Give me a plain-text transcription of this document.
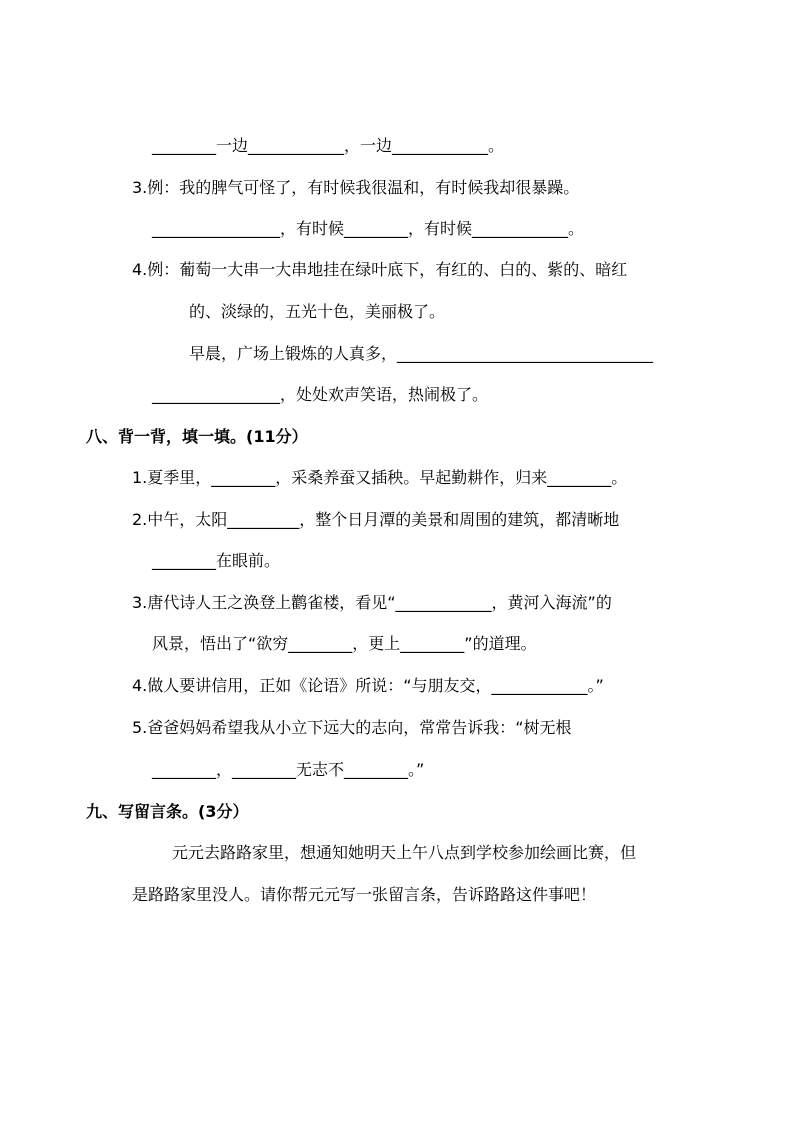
________一边____________，一边____________。
3.例：我的脾气可怪了，有时候我很温和，有时候我却很暴躁。
________________，有时候________，有时候____________。
4.例：葡萄一大串一大串地挂在绿叶底下，有红的、白的、紫的、暗红
的、淡绿的，五光十色，美丽极了。
早晨，广场上锻炼的人真多，________________________________
________________，处处欢声笑语，热闹极了。
八、背一背，填一填。(11分）
1.夏季里，________，采桑养蚕又插秧。早起勤耕作，归来________。
2.中午，太阳_________，整个日月潭的美景和周围的建筑，都清晰地
________在眼前。
3.唐代诗人王之涣登上鹳雀楼，看见“____________，黄河入海流”的
风景，悟出了“欲穷________，更上________”的道理。
4.做人要讲信用，正如《论语》所说：“与朋友交，____________。”
5.爸爸妈妈希望我从小立下远大的志向，常常告诉我：“树无根
________，________无志不________。”
九、写留言条。(3分）
元元去路路家里，想通知她明天上午八点到学校参加绘画比赛，但
是路路家里没人。请你帮元元写一张留言条，告诉路路这件事吧！
